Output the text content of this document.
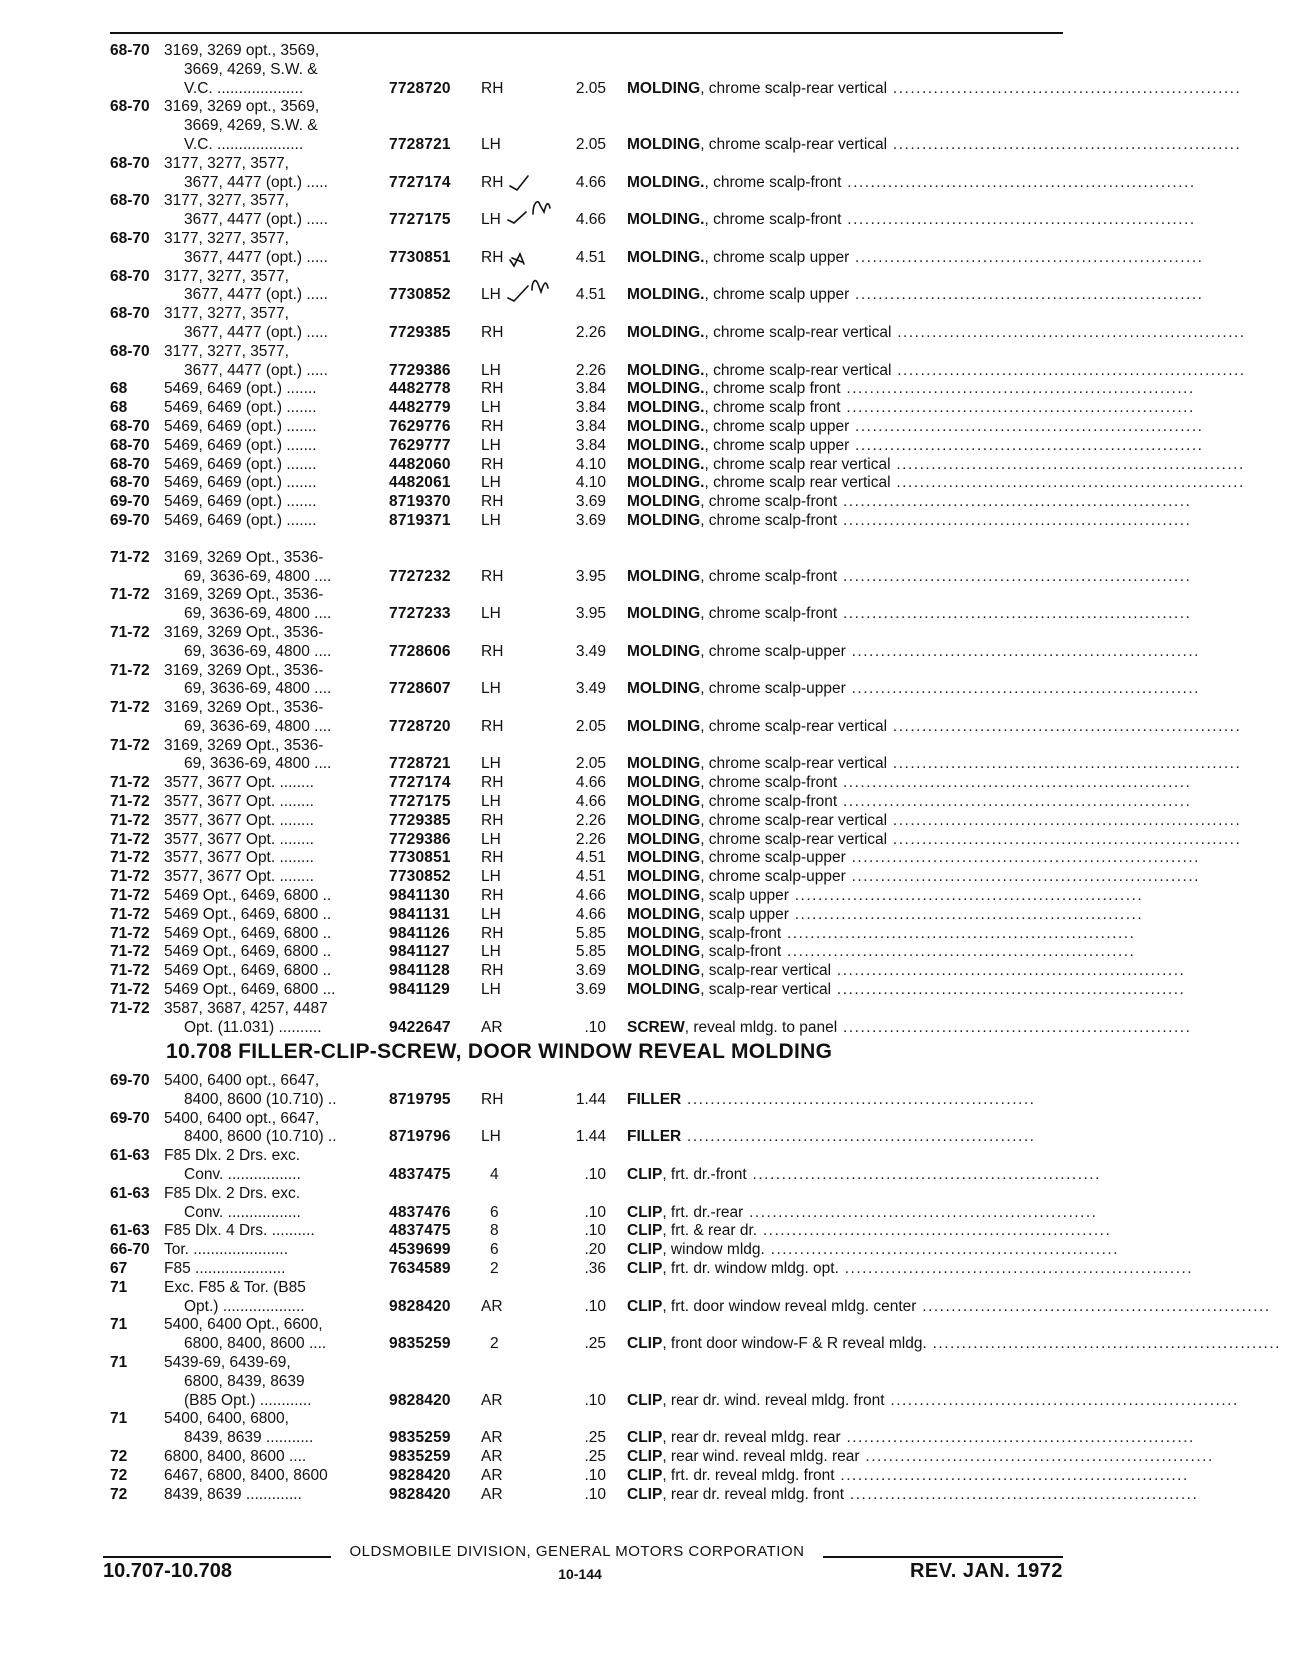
68-70 3169, 3269 opt., 3569,
3669, 4269, S.W. &
V.C. ....................	7728720 RH	2.05 MOLDING, chrome scalp-rear vertical ............................................................
68-70 3169, 3269 opt., 3569,
3669, 4269, S.W. &
V.C. ....................	7728721 LH	2.05 MOLDING, chrome scalp-rear vertical ............................................................
68-70 3177, 3277, 3577,
3677, 4477 (opt.) .....	7727174 RH	4.66 MOLDING., chrome scalp-front ............................................................
68-70 3177, 3277, 3577,
3677, 4477 (opt.) .....	7727175 LH	4.66 MOLDING., chrome scalp-front ............................................................
68-70 3177, 3277, 3577,
3677, 4477 (opt.) .....	7730851 RH	4.51 MOLDING., chrome scalp upper ............................................................
68-70 3177, 3277, 3577,
3677, 4477 (opt.) .....	7730852 LH	4.51 MOLDING., chrome scalp upper ............................................................
68-70 3177, 3277, 3577,
3677, 4477 (opt.) .....	7729385 RH	2.26 MOLDING., chrome scalp-rear vertical ............................................................
68-70 3177, 3277, 3577,
3677, 4477 (opt.) .....	7729386 LH	2.26 MOLDING., chrome scalp-rear vertical ............................................................
68 5469, 6469 (opt.) .......	4482778 RH	3.84 MOLDING., chrome scalp front ............................................................
68 5469, 6469 (opt.) .......	4482779 LH	3.84 MOLDING., chrome scalp front ............................................................
68-70 5469, 6469 (opt.) .......	7629776 RH	3.84 MOLDING., chrome scalp upper ............................................................
68-70 5469, 6469 (opt.) .......	7629777 LH	3.84 MOLDING., chrome scalp upper ............................................................
68-70 5469, 6469 (opt.) .......	4482060 RH	4.10 MOLDING., chrome scalp rear vertical ............................................................
68-70 5469, 6469 (opt.) .......	4482061 LH	4.10 MOLDING., chrome scalp rear vertical ............................................................
69-70 5469, 6469 (opt.) .......	8719370 RH	3.69 MOLDING, chrome scalp-front ............................................................
69-70 5469, 6469 (opt.) .......	8719371 LH	3.69 MOLDING, chrome scalp-front ............................................................
71-72 3169, 3269 Opt., 3536-
69, 3636-69, 4800 ....	7727232 RH	3.95 MOLDING, chrome scalp-front ............................................................
71-72 3169, 3269 Opt., 3536-
69, 3636-69, 4800 ....	7727233 LH	3.95 MOLDING, chrome scalp-front ............................................................
71-72 3169, 3269 Opt., 3536-
69, 3636-69, 4800 ....	7728606 RH	3.49 MOLDING, chrome scalp-upper ............................................................
71-72 3169, 3269 Opt., 3536-
69, 3636-69, 4800 ....	7728607 LH	3.49 MOLDING, chrome scalp-upper ............................................................
71-72 3169, 3269 Opt., 3536-
69, 3636-69, 4800 ....	7728720 RH	2.05 MOLDING, chrome scalp-rear vertical ............................................................
71-72 3169, 3269 Opt., 3536-
69, 3636-69, 4800 ....	7728721 LH	2.05 MOLDING, chrome scalp-rear vertical ............................................................
71-72 3577, 3677 Opt. ........	7727174 RH	4.66 MOLDING, chrome scalp-front ............................................................
71-72 3577, 3677 Opt. ........	7727175 LH	4.66 MOLDING, chrome scalp-front ............................................................
71-72 3577, 3677 Opt. ........	7729385 RH	2.26 MOLDING, chrome scalp-rear vertical ............................................................
71-72 3577, 3677 Opt. ........	7729386 LH	2.26 MOLDING, chrome scalp-rear vertical ............................................................
71-72 3577, 3677 Opt. ........	7730851 RH	4.51 MOLDING, chrome scalp-upper ............................................................
71-72 3577, 3677 Opt. ........	7730852 LH	4.51 MOLDING, chrome scalp-upper ............................................................
71-72 5469 Opt., 6469, 6800 ..	9841130 RH	4.66 MOLDING, scalp upper ............................................................
71-72 5469 Opt., 6469, 6800 ..	9841131 LH	4.66 MOLDING, scalp upper ............................................................
71-72 5469 Opt., 6469, 6800 ..	9841126 RH	5.85 MOLDING, scalp-front ............................................................
71-72 5469 Opt., 6469, 6800 ..	9841127 LH	5.85 MOLDING, scalp-front ............................................................
71-72 5469 Opt., 6469, 6800 ..	9841128 RH	3.69 MOLDING, scalp-rear vertical ............................................................
71-72 5469 Opt., 6469, 6800 ...	9841129 LH	3.69 MOLDING, scalp-rear vertical ............................................................
71-72 3587, 3687, 4257, 4487
Opt. (11.031) ..........	9422647 AR	.10 SCREW, reveal mldg. to panel ............................................................
10.708 FILLER-CLIP-SCREW, DOOR WINDOW REVEAL MOLDING
69-70 5400, 6400 opt., 6647,
8400, 8600 (10.710) ..	8719795 RH	1.44 FILLER ............................................................
69-70 5400, 6400 opt., 6647,
8400, 8600 (10.710) ..	8719796 LH	1.44 FILLER ............................................................
61-63 F85 Dlx. 2 Drs. exc.
Conv. .................	4837475	4	.10 CLIP, frt. dr.-front ............................................................
61-63 F85 Dlx. 2 Drs. exc.
Conv. .................	4837476	6	.10 CLIP, frt. dr.-rear ............................................................
61-63 F85 Dlx. 4 Drs. ..........	4837475	8	.10 CLIP, frt. & rear dr. ............................................................
66-70 Tor. ......................	4539699	6	.20 CLIP, window mldg. ............................................................
67 F85 .....................	7634589	2	.36 CLIP, frt. dr. window mldg. opt. ............................................................
71 Exc. F85 & Tor. (B85
Opt.) ...................	9828420 AR	.10 CLIP, frt. door window reveal mldg. center ............................................................
71 5400, 6400 Opt., 6600,
6800, 8400, 8600 ....	9835259	2	.25 CLIP, front door window-F & R reveal mldg. ............................................................
71 5439-69, 6439-69,
6800, 8439, 8639
(B85 Opt.) ............	9828420 AR	.10 CLIP, rear dr. wind. reveal mldg. front ............................................................
71 5400, 6400, 6800,
8439, 8639 ...........	9835259 AR	.25 CLIP, rear dr. reveal mldg. rear ............................................................
72 6800, 8400, 8600 ....	9835259 AR	.25 CLIP, rear wind. reveal mldg. rear ............................................................
72 6467, 6800, 8400, 8600	9828420 AR	.10 CLIP, frt. dr. reveal mldg. front ............................................................
72 8439, 8639 .............	9828420 AR	.10 CLIP, rear dr. reveal mldg. front ............................................................
OLDSMOBILE DIVISION, GENERAL MOTORS CORPORATION
10.707-10.708	10-144	REV. JAN. 1972
